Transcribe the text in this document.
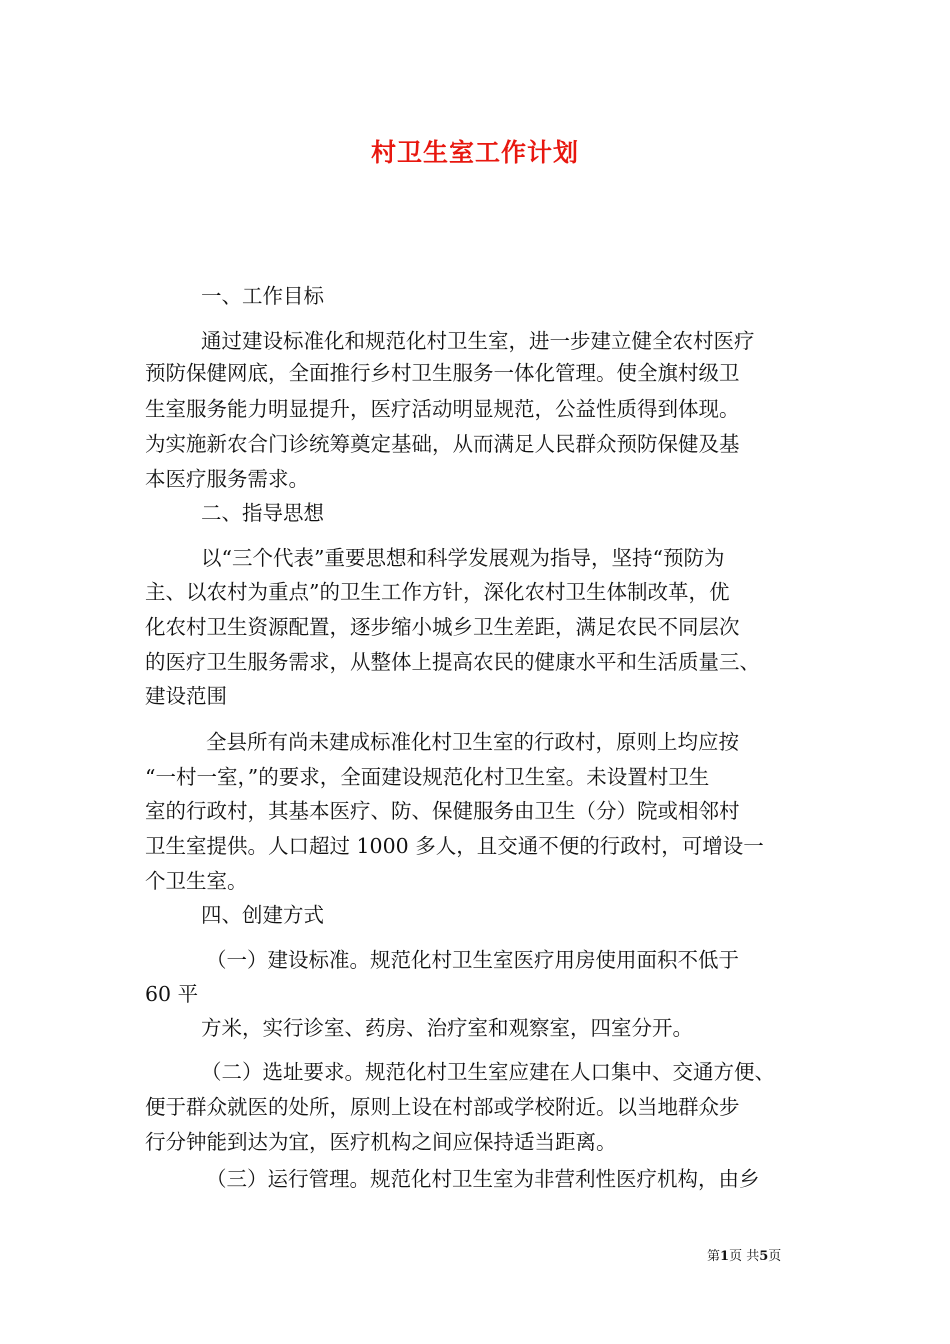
村卫生室工作计划
一、工作目标
通过建设标准化和规范化村卫生室，进一步建立健全农村医疗
预防保健网底，全面推行乡村卫生服务一体化管理。使全旗村级卫
生室服务能力明显提升，医疗活动明显规范，公益性质得到体现。
为实施新农合门诊统筹奠定基础，从而满足人民群众预防保健及基
本医疗服务需求。
二、指导思想
以“三个代表”重要思想和科学发展观为指导，坚持“预防为
主、以农村为重点”的卫生工作方针，深化农村卫生体制改革，优
化农村卫生资源配置，逐步缩小城乡卫生差距，满足农民不同层次
的医疗卫生服务需求，从整体上提高农民的健康水平和生活质量三、
建设范围
全县所有尚未建成标准化村卫生室的行政村，原则上均应按
“一村一室，”的要求，全面建设规范化村卫生室。未设置村卫生
室的行政村，其基本医疗、防、保健服务由卫生（分）院或相邻村
卫生室提供。人口超过 1000 多人，且交通不便的行政村，可增设一
个卫生室。
四、创建方式
（一）建设标准。规范化村卫生室医疗用房使用面积不低于
60 平
方米，实行诊室、药房、治疗室和观察室，四室分开。
（二）选址要求。规范化村卫生室应建在人口集中、交通方便、
便于群众就医的处所，原则上设在村部或学校附近。以当地群众步
行分钟能到达为宜，医疗机构之间应保持适当距离。
（三）运行管理。规范化村卫生室为非营利性医疗机构，由乡
第1页 共5页
